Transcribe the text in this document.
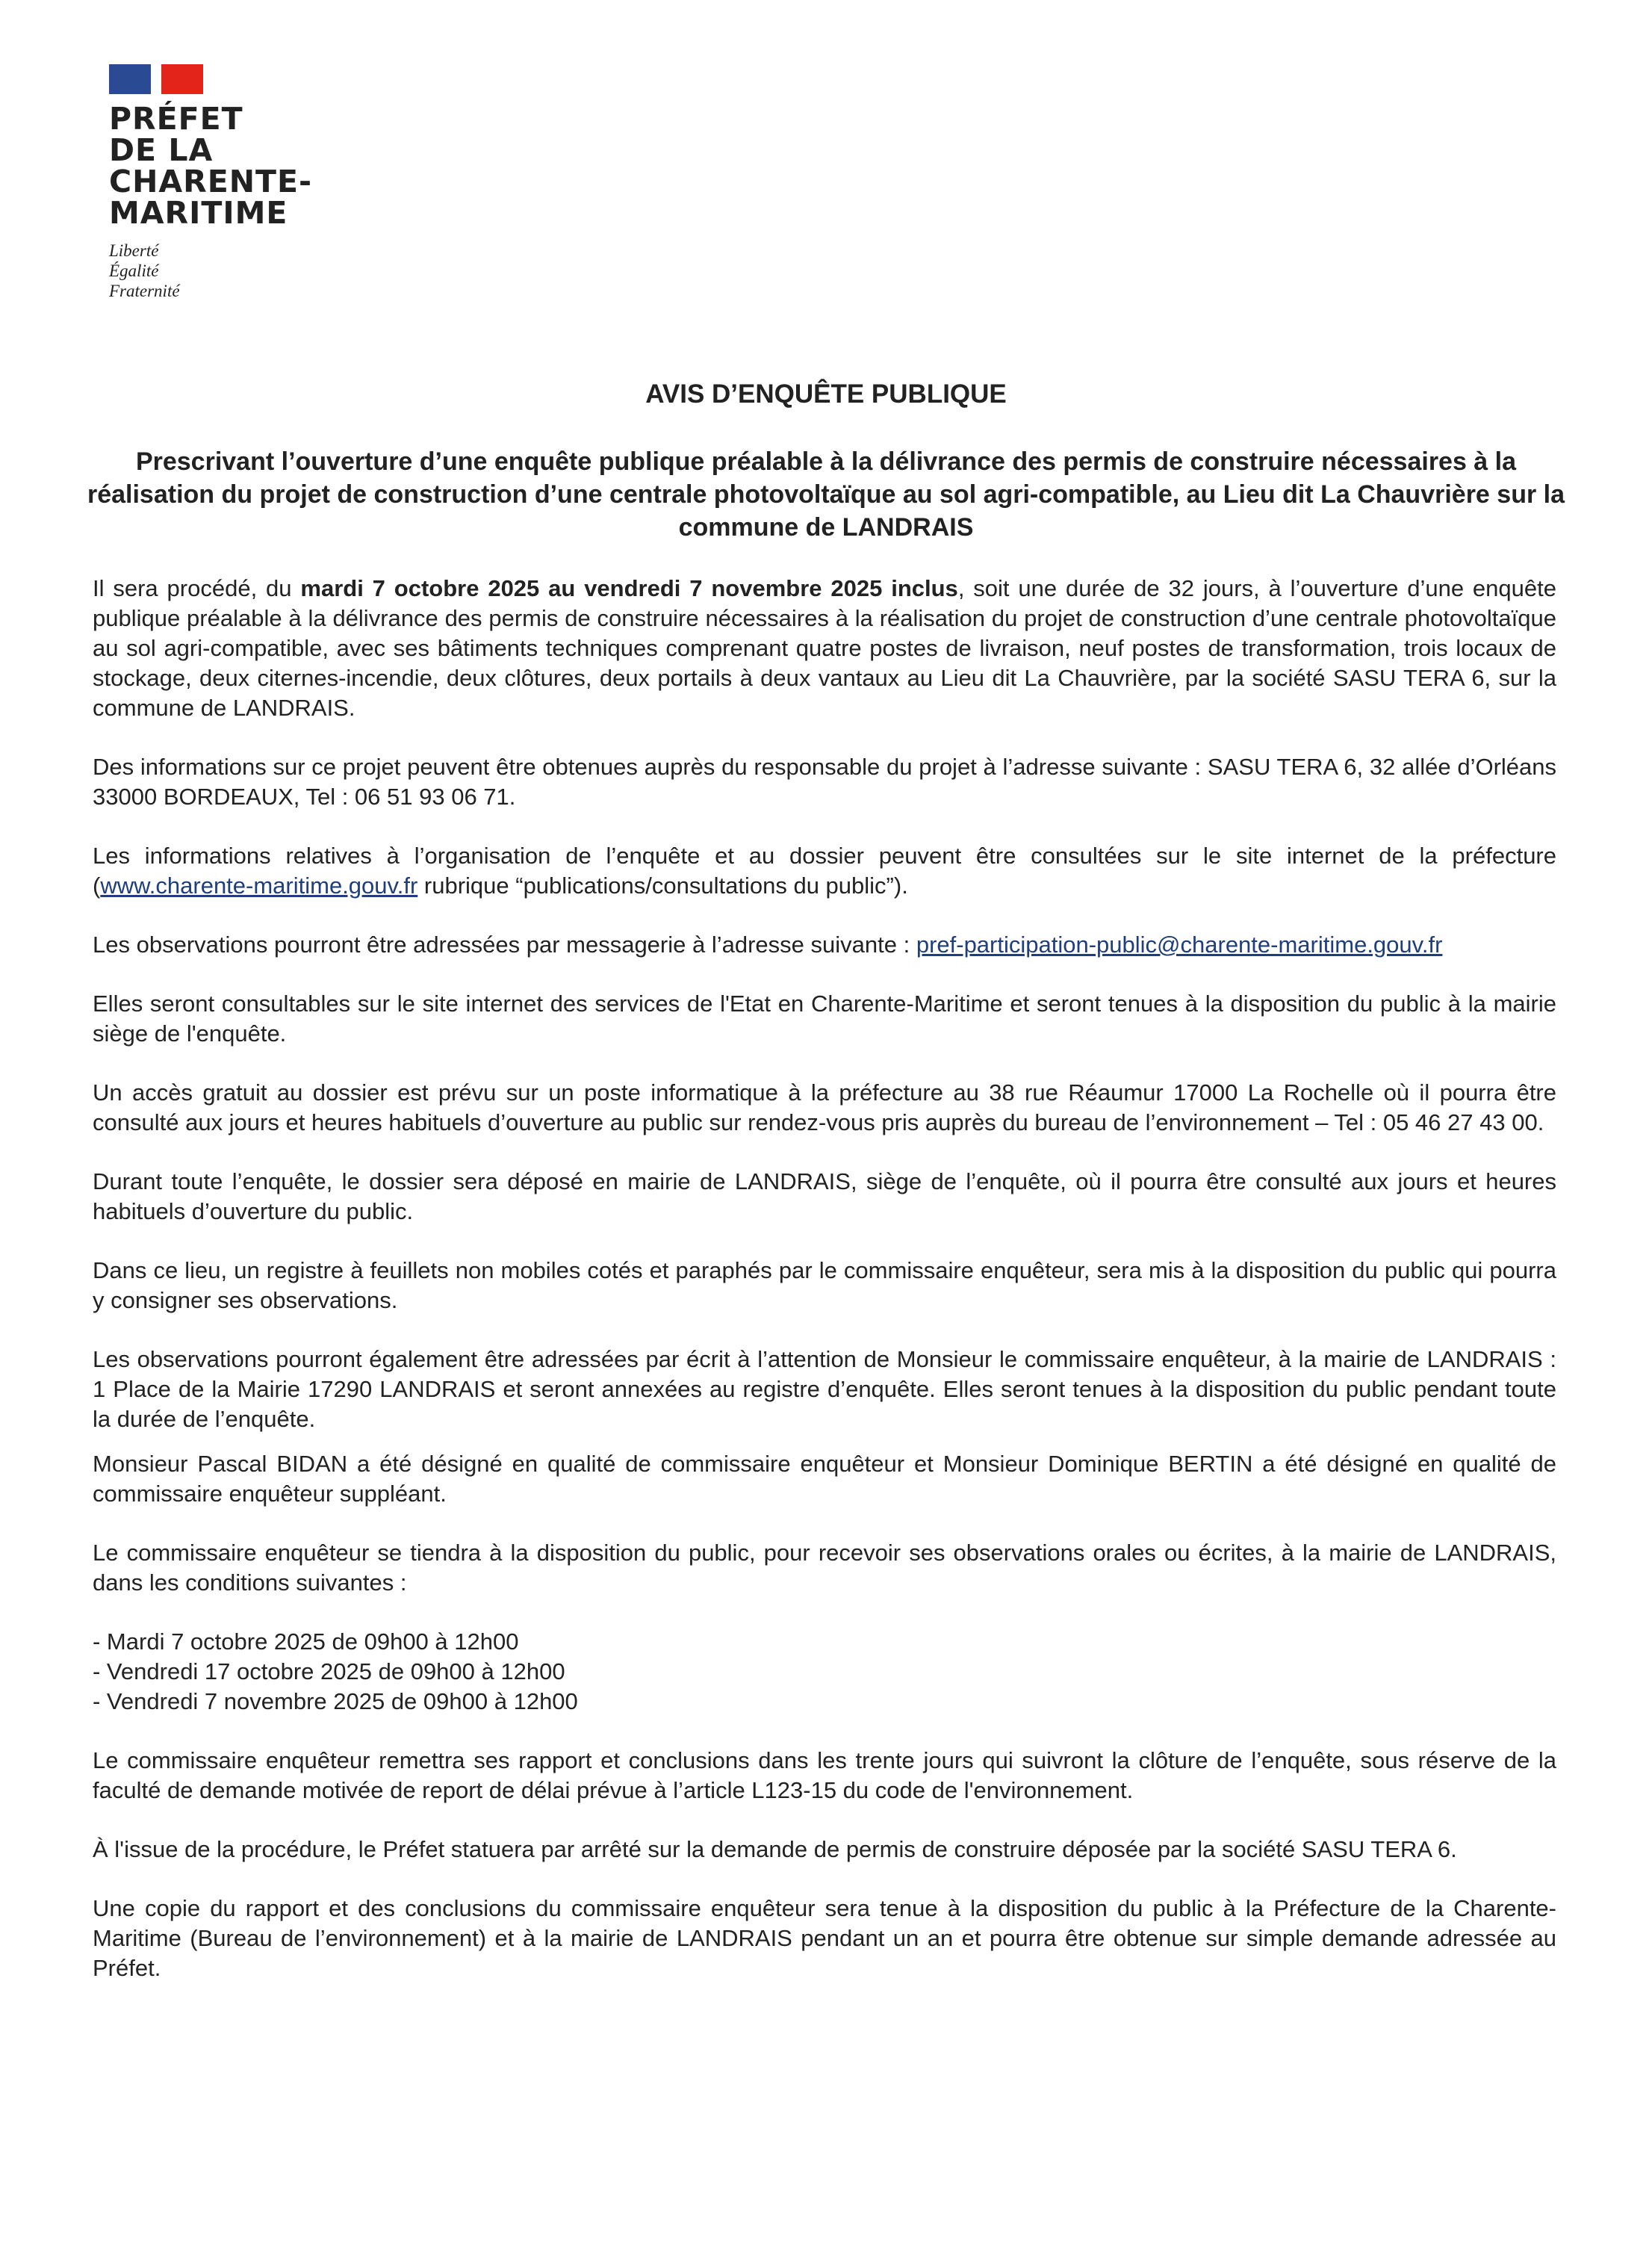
PRÉFET
DE LA
CHARENTE-
MARITIME
Liberté
Égalité
Fraternité
AVIS D’ENQUÊTE PUBLIQUE
Prescrivant l’ouverture d’une enquête publique préalable à la délivrance des permis de construire nécessaires à la réalisation du projet de construction d’une centrale photovoltaïque au sol agri-compatible, au Lieu dit La Chauvrière sur la commune de LANDRAIS

Il sera procédé, du mardi 7 octobre 2025 au vendredi 7 novembre 2025 inclus, soit une durée de 32 jours, à l’ouverture d’une enquête publique préalable à la délivrance des permis de construire nécessaires à la réalisation du projet de construction d’une centrale photovoltaïque au sol agri-compatible, avec ses bâtiments techniques comprenant quatre postes de livraison, neuf postes de transformation, trois locaux de stockage, deux citernes-incendie, deux clôtures, deux portails à deux vantaux au Lieu dit La Chauvrière, par la société SASU TERA 6, sur la commune de LANDRAIS.

Des informations sur ce projet peuvent être obtenues auprès du responsable du projet à l’adresse suivante : SASU TERA 6, 32 allée d’Orléans 33000 BORDEAUX, Tel : 06 51 93 06 71.

Les informations relatives à l’organisation de l’enquête et au dossier peuvent être consultées sur le site internet de la préfecture (www.charente-maritime.gouv.fr rubrique “publications/consultations du public”).

Les observations pourront être adressées par messagerie à l’adresse suivante : pref-participation-public@charente-maritime.gouv.fr

Elles seront consultables sur le site internet des services de l'Etat en Charente-Maritime et seront tenues à la disposition du public à la mairie siège de l'enquête.

Un accès gratuit au dossier est prévu sur un poste informatique à la préfecture au 38 rue Réaumur 17000 La Rochelle où il pourra être consulté aux jours et heures habituels d’ouverture au public sur rendez-vous pris auprès du bureau de l’environnement – Tel : 05 46 27 43 00.

Durant toute l’enquête, le dossier sera déposé en mairie de LANDRAIS, siège de l’enquête, où il pourra être consulté aux jours et heures habituels d’ouverture du public.

Dans ce lieu, un registre à feuillets non mobiles cotés et paraphés par le commissaire enquêteur, sera mis à la disposition du public qui pourra y consigner ses observations.

Les observations pourront également être adressées par écrit à l’attention de Monsieur le commissaire enquêteur, à la mairie de LANDRAIS : 1 Place de la Mairie 17290 LANDRAIS et seront annexées au registre d’enquête. Elles seront tenues à la disposition du public pendant toute la durée de l’enquête.

Monsieur Pascal BIDAN a été désigné en qualité de commissaire enquêteur et Monsieur Dominique BERTIN a été désigné en qualité de commissaire enquêteur suppléant.

Le commissaire enquêteur se tiendra à la disposition du public, pour recevoir ses observations orales ou écrites, à la mairie de LANDRAIS, dans les conditions suivantes :

- Mardi 7 octobre 2025 de 09h00 à 12h00
- Vendredi 17 octobre 2025 de 09h00 à 12h00
- Vendredi 7 novembre 2025 de 09h00 à 12h00

Le commissaire enquêteur remettra ses rapport et conclusions dans les trente jours qui suivront la clôture de l’enquête, sous réserve de la faculté de demande motivée de report de délai prévue à l’article L123-15 du code de l'environnement.

À l'issue de la procédure, le Préfet statuera par arrêté sur la demande de permis de construire déposée par la société SASU TERA 6.

Une copie du rapport et des conclusions du commissaire enquêteur sera tenue à la disposition du public à la Préfecture de la Charente-Maritime (Bureau de l’environnement) et à la mairie de LANDRAIS pendant un an et pourra être obtenue sur simple demande adressée au Préfet.
